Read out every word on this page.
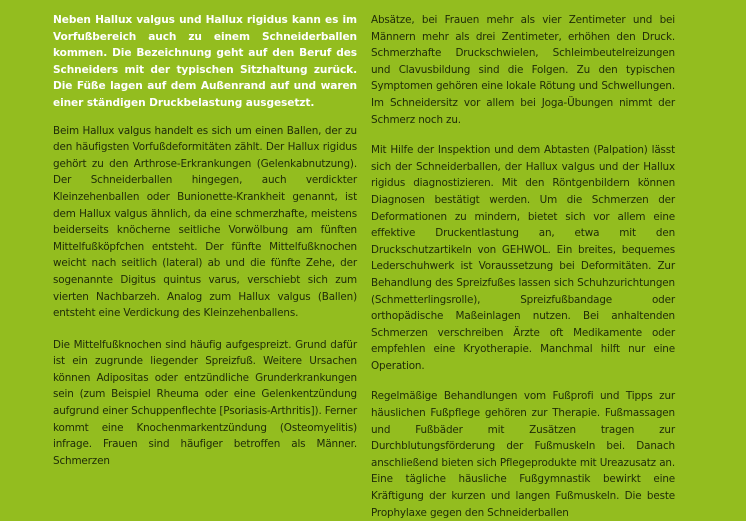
Neben Hallux valgus und Hallux rigidus kann es im Vorfußbereich auch zu einem Schneiderballen kommen. Die Bezeichnung geht auf den Beruf des Schneiders mit der typischen Sitzhaltung zurück. Die Füße lagen auf dem Außenrand auf und waren einer ständigen Druckbelastung ausgesetzt.

Beim Hallux valgus handelt es sich um einen Ballen, der zu den häufigsten Vorfußdeformitäten zählt. Der Hallux rigidus gehört zu den Arthrose-Erkrankungen (Gelenkabnutzung). Der Schneiderballen hingegen, auch verdickter Kleinzehenballen oder Bunionette-Krankheit genannt, ist dem Hallux valgus ähnlich, da eine schmerzhafte, meistens beiderseits knöcherne seitliche Vorwölbung am fünften Mittelfußköpfchen entsteht. Der fünfte Mittelfußknochen weicht nach seitlich (lateral) ab und die fünfte Zehe, der sogenannte Digitus quintus varus, verschiebt sich zum vierten Nachbarzeh. Analog zum Hallux valgus (Ballen) entsteht eine Verdickung des Kleinzehenballens.

Die Mittelfußknochen sind häufig aufgespreizt. Grund dafür ist ein zugrunde liegender Spreizfuß. Weitere Ursachen können Adipositas oder entzündliche Grunderkrankungen sein (zum Beispiel Rheuma oder eine Gelenkentzündung aufgrund einer Schuppenflechte [Psoriasis-Arthritis]). Ferner kommt eine Knochenmarkentzündung (Osteomyelitis) infrage. Frauen sind häufiger betroffen als Männer. Schmerzen

Absätze, bei Frauen mehr als vier Zentimeter und bei Männern mehr als drei Zentimeter, erhöhen den Druck. Schmerzhafte Druckschwielen, Schleimbeutelreizungen und Clavusbildung sind die Folgen. Zu den typischen Symptomen gehören eine lokale Rötung und Schwellungen. Im Schneidersitz vor allem bei Joga-Übungen nimmt der Schmerz noch zu.

Mit Hilfe der Inspektion und dem Abtasten (Palpation) lässt sich der Schneiderballen, der Hallux valgus und der Hallux rigidus diagnostizieren. Mit den Röntgenbildern können Diagnosen bestätigt werden. Um die Schmerzen der Deformationen zu mindern, bietet sich vor allem eine effektive Druckentlastung an, etwa mit den Druckschutzartikeln von GEHWOL. Ein breites, bequemes Lederschuhwerk ist Voraussetzung bei Deformitäten. Zur Behandlung des Spreizfußes lassen sich Schuhzurichtungen (Schmetterlingsrolle), Spreizfußbandage oder orthopädische Maßeinlagen nutzen. Bei anhaltenden Schmerzen verschreiben Ärzte oft Medikamente oder empfehlen eine Kryotherapie. Manchmal hilft nur eine Operation.

Regelmäßige Behandlungen vom Fußprofi und Tipps zur häuslichen Fußpflege gehören zur Therapie. Fußmassagen und Fußbäder mit Zusätzen tragen zur Durchblutungsförderung der Fußmuskeln bei. Danach anschließend bieten sich Pflegeprodukte mit Ureazusatz an. Eine tägliche häusliche Fußgymnastik bewirkt eine Kräftigung der kurzen und langen Fußmuskeln. Die beste Prophylaxe gegen den Schneiderballen
